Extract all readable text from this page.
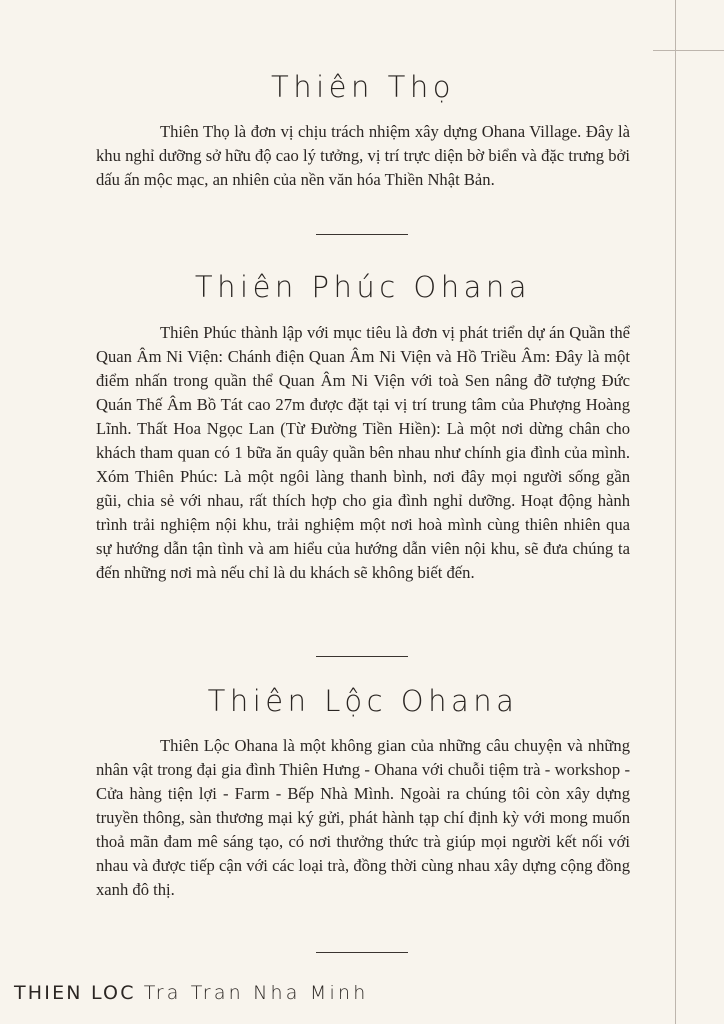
Thiên Thọ

Thiên Thọ là đơn vị chịu trách nhiệm xây dựng Ohana Village. Đây là khu nghỉ dưỡng sở hữu độ cao lý tưởng, vị trí trực diện bờ biển và đặc trưng bởi dấu ấn mộc mạc, an nhiên của nền văn hóa Thiền Nhật Bản.

Thiên Phúc Ohana

Thiên Phúc thành lập với mục tiêu là đơn vị phát triển dự án Quần thể Quan Âm Ni Viện: Chánh điện Quan Âm Ni Viện và Hồ Triều Âm: Đây là một điểm nhấn trong quần thể Quan Âm Ni Viện với toà Sen nâng đỡ tượng Đức Quán Thế Âm Bồ Tát cao 27m được đặt tại vị trí trung tâm của Phượng Hoàng Lĩnh. Thất Hoa Ngọc Lan (Từ Đường Tiền Hiền): Là một nơi dừng chân cho khách tham quan có 1 bữa ăn quây quần bên nhau như chính gia đình của mình. Xóm Thiên Phúc: Là một ngôi làng thanh bình, nơi đây mọi người sống gần gũi, chia sẻ với nhau, rất thích hợp cho gia đình nghỉ dưỡng. Hoạt động hành trình trải nghiệm nội khu, trải nghiệm một nơi hoà mình cùng thiên nhiên qua sự hướng dẫn tận tình và am hiểu của hướng dẫn viên nội khu, sẽ đưa chúng ta đến những nơi mà nếu chỉ là du khách sẽ không biết đến.

Thiên Lộc Ohana

Thiên Lộc Ohana là một không gian của những câu chuyện và những nhân vật trong đại gia đình Thiên Hưng - Ohana với chuỗi tiệm trà - workshop - Cửa hàng tiện lợi - Farm - Bếp Nhà Mình. Ngoài ra chúng tôi còn xây dựng truyền thông, sàn thương mại ký gửi, phát hành tạp chí định kỳ với mong muốn thoả mãn đam mê sáng tạo, có nơi thưởng thức trà giúp mọi người kết nối với nhau và được tiếp cận với các loại trà, đồng thời cùng nhau xây dựng cộng đồng xanh đô thị.

THIEN LOC Tra Tran Nha Minh
